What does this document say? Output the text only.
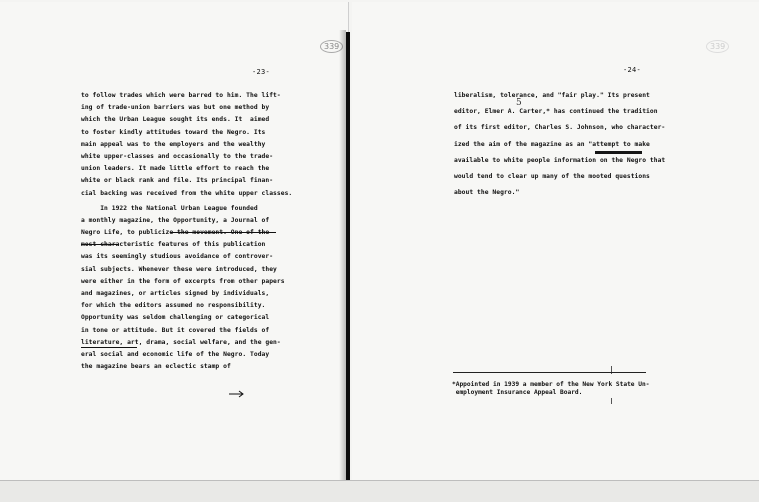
-23-
to follow trades which were barred to him. The lift-
ing of trade-union barriers was but one method by
which the Urban League sought its ends. It  aimed
to foster kindly attitudes toward the Negro. Its
main appeal was to the employers and the wealthy
white upper-classes and occasionally to the trade-
union leaders. It made little effort to reach the
white or black rank and file. Its principal finan-
cial backing was received from the white upper classes.
In 1922 the National Urban League founded
a monthly magazine, the Opportunity, a Journal of
Negro Life, to publicize the movement. One of the
most characteristic features of this publication
was its seemingly studious avoidance of controver-
sial subjects. Whenever these were introduced, they
were either in the form of excerpts from other papers
and magazines, or articles signed by individuals,
for which the editors assumed no responsibility.
Opportunity was seldom challenging or categorical
in tone or attitude. But it covered the fields of
literature, art, drama, social welfare, and the gen-
eral social and economic life of the Negro. Today
the magazine bears an eclectic stamp of
339
-24-
liberalism, tolerance, and "fair play." Its present
editor, Elmer A. Carter,* has continued the tradition
of its first editor, Charles S. Johnson, who character-
ized the aim of the magazine as an "attempt to make
available to white people information on the Negro that
would tend to clear up many of the mooted questions
about the Negro."
5
339
*Appointed in 1939 a member of the New York State Un-
employment Insurance Appeal Board.
